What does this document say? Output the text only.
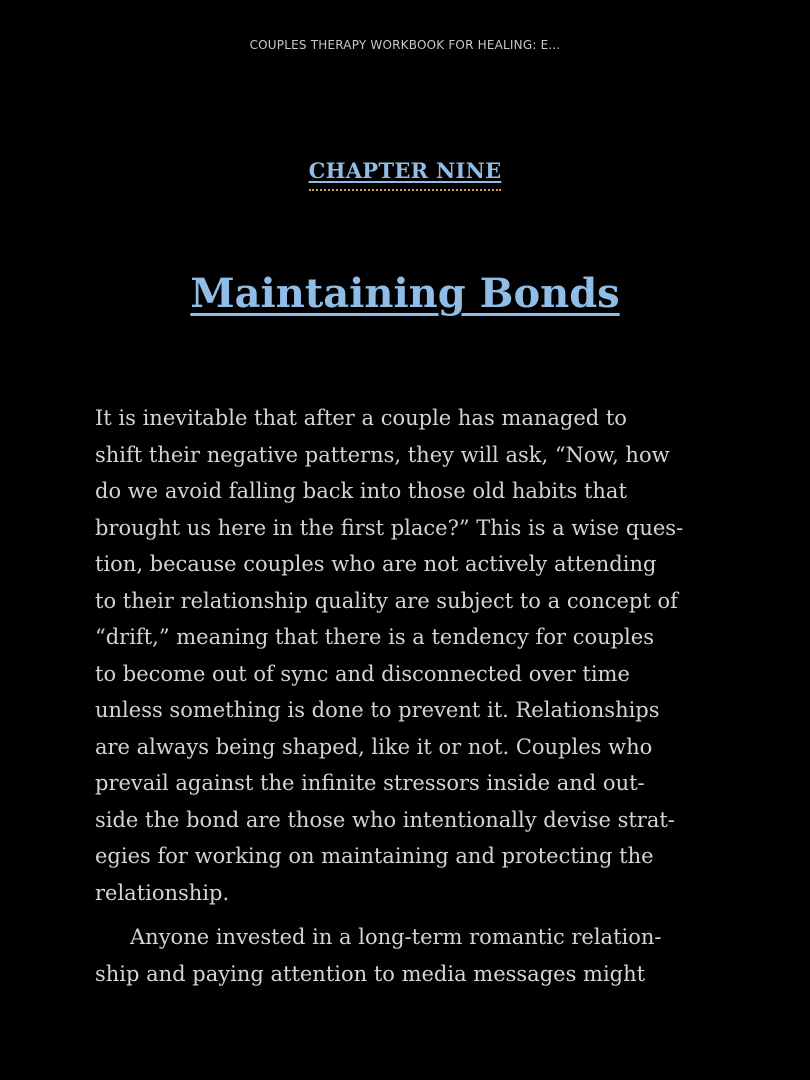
COUPLES THERAPY WORKBOOK FOR HEALING: E...
CHAPTER NINE
Maintaining Bonds

It is inevitable that after a couple has managed to
shift their negative patterns, they will ask, “Now, how
do we avoid falling back into those old habits that
brought us here in the first place?” This is a wise ques-
tion, because couples who are not actively attending
to their relationship quality are subject to a concept of
“drift,” meaning that there is a tendency for couples
to become out of sync and disconnected over time
unless something is done to prevent it. Relationships
are always being shaped, like it or not. Couples who
prevail against the infinite stressors inside and out-
side the bond are those who intentionally devise strat-
egies for working on maintaining and protecting the
relationship.

Anyone invested in a long-term romantic relation-
ship and paying attention to media messages might
